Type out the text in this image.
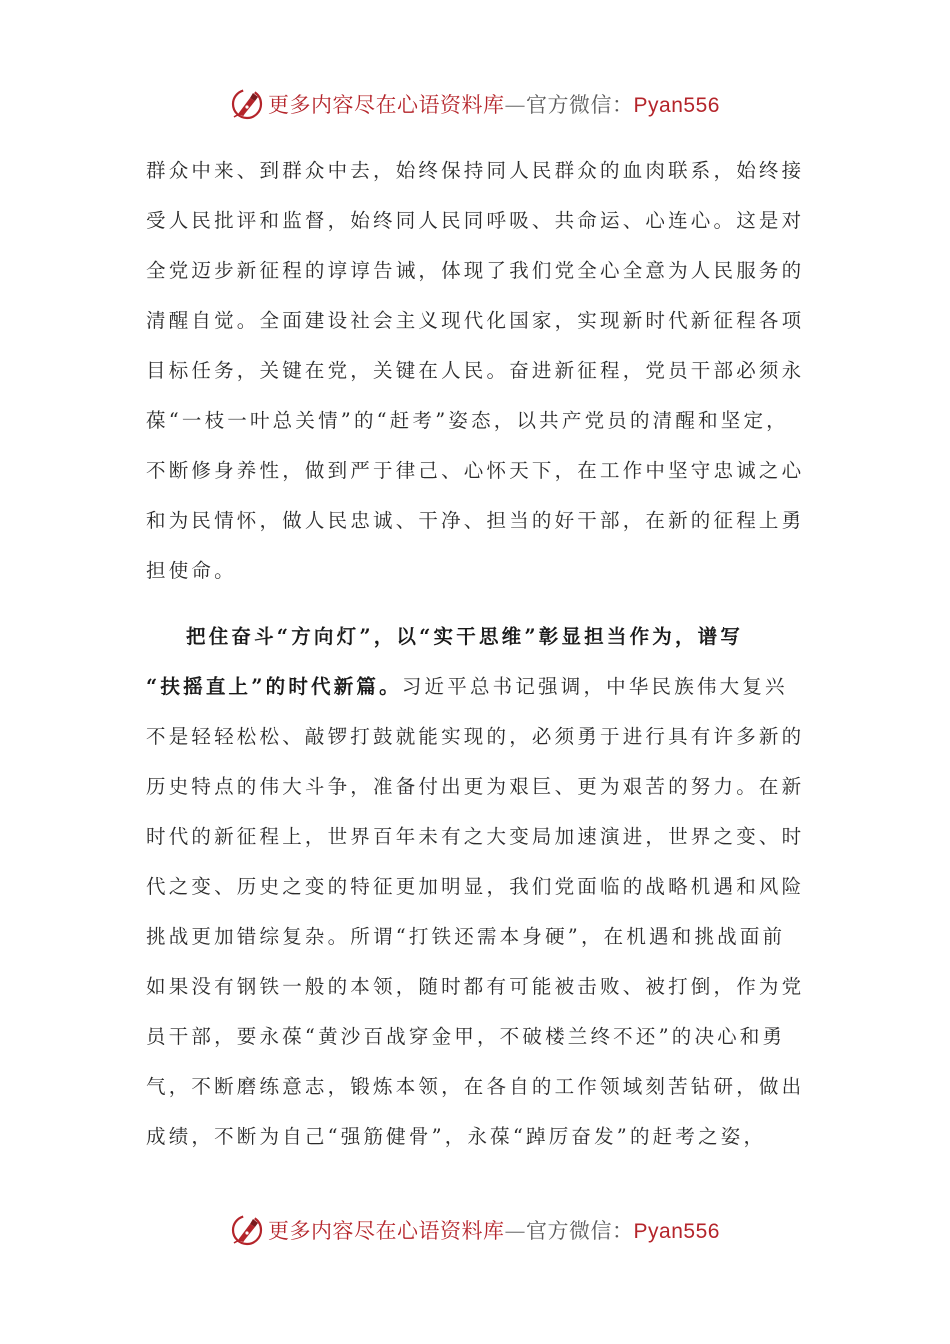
更多内容尽在心语资料库—官方微信：Pyan556
群众中来、到群众中去，始终保持同人民群众的血肉联系，始终接
受人民批评和监督，始终同人民同呼吸、共命运、心连心。这是对
全党迈步新征程的谆谆告诫，体现了我们党全心全意为人民服务的
清醒自觉。全面建设社会主义现代化国家，实现新时代新征程各项
目标任务，关键在党，关键在人民。奋进新征程，党员干部必须永
葆“一枝一叶总关情”的“赶考”姿态，以共产党员的清醒和坚定，
不断修身养性，做到严于律己、心怀天下，在工作中坚守忠诚之心
和为民情怀，做人民忠诚、干净、担当的好干部，在新的征程上勇
担使命。
把住奋斗“方向灯”，以“实干思维”彰显担当作为，谱写
“扶摇直上”的时代新篇。习近平总书记强调，中华民族伟大复兴
不是轻轻松松、敲锣打鼓就能实现的，必须勇于进行具有许多新的
历史特点的伟大斗争，准备付出更为艰巨、更为艰苦的努力。在新
时代的新征程上，世界百年未有之大变局加速演进，世界之变、时
代之变、历史之变的特征更加明显，我们党面临的战略机遇和风险
挑战更加错综复杂。所谓“打铁还需本身硬”，在机遇和挑战面前
如果没有钢铁一般的本领，随时都有可能被击败、被打倒，作为党
员干部，要永葆“黄沙百战穿金甲，不破楼兰终不还”的决心和勇
气，不断磨练意志，锻炼本领，在各自的工作领域刻苦钻研，做出
成绩，不断为自己“强筋健骨”，永葆“踔厉奋发”的赶考之姿，
更多内容尽在心语资料库—官方微信：Pyan556
